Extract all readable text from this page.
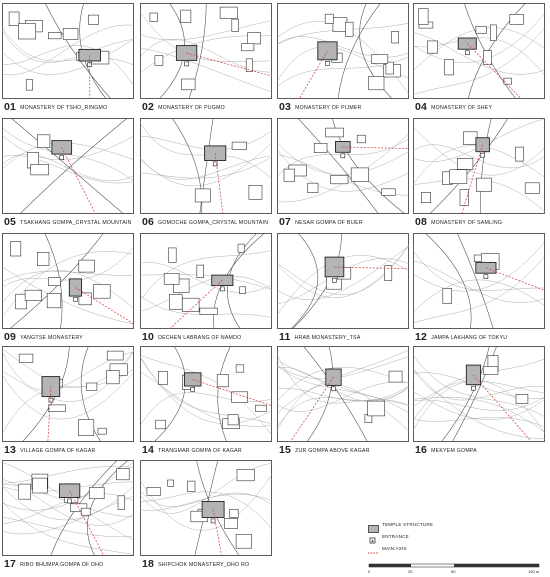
01 MONASTERY OF TSHO_RINGMO	02 MONASTERY OF PUGMO	03 MONASTERY OF PIJMER	04 MONASTERY OF SHEY
05 TSAKHANG GOMPA_CRYSTAL MOUNTAIN 06 GOMOCHE GOMPA_CRYSTAL MOUNTAIN 07 NESAR GOMPA OF BIJER	08 MONASTERY OF SAMLING
09 YANGTSE MONASTERY	10 DECHEN LABRANG OF NAMDO	11 HRAB MONASTERY_TSA	12 JAMPA LAKHANG OF TOKYU
13 VILLAGE GOMPA OF KAGAR	14 TRANGMAR GOMPA OF KAGAR	15 ZUR GOMPA ABOVE KAGAR	16 MEKYEM GOMPA
17 RIBO BHUMPA GOMPA OF DHO	18 SHIPCHOK MONASTERY_DHO RO
TEMPLE STRUCTURE
ENTRANCE
MAIN AXIS
0	25	50	100 m
